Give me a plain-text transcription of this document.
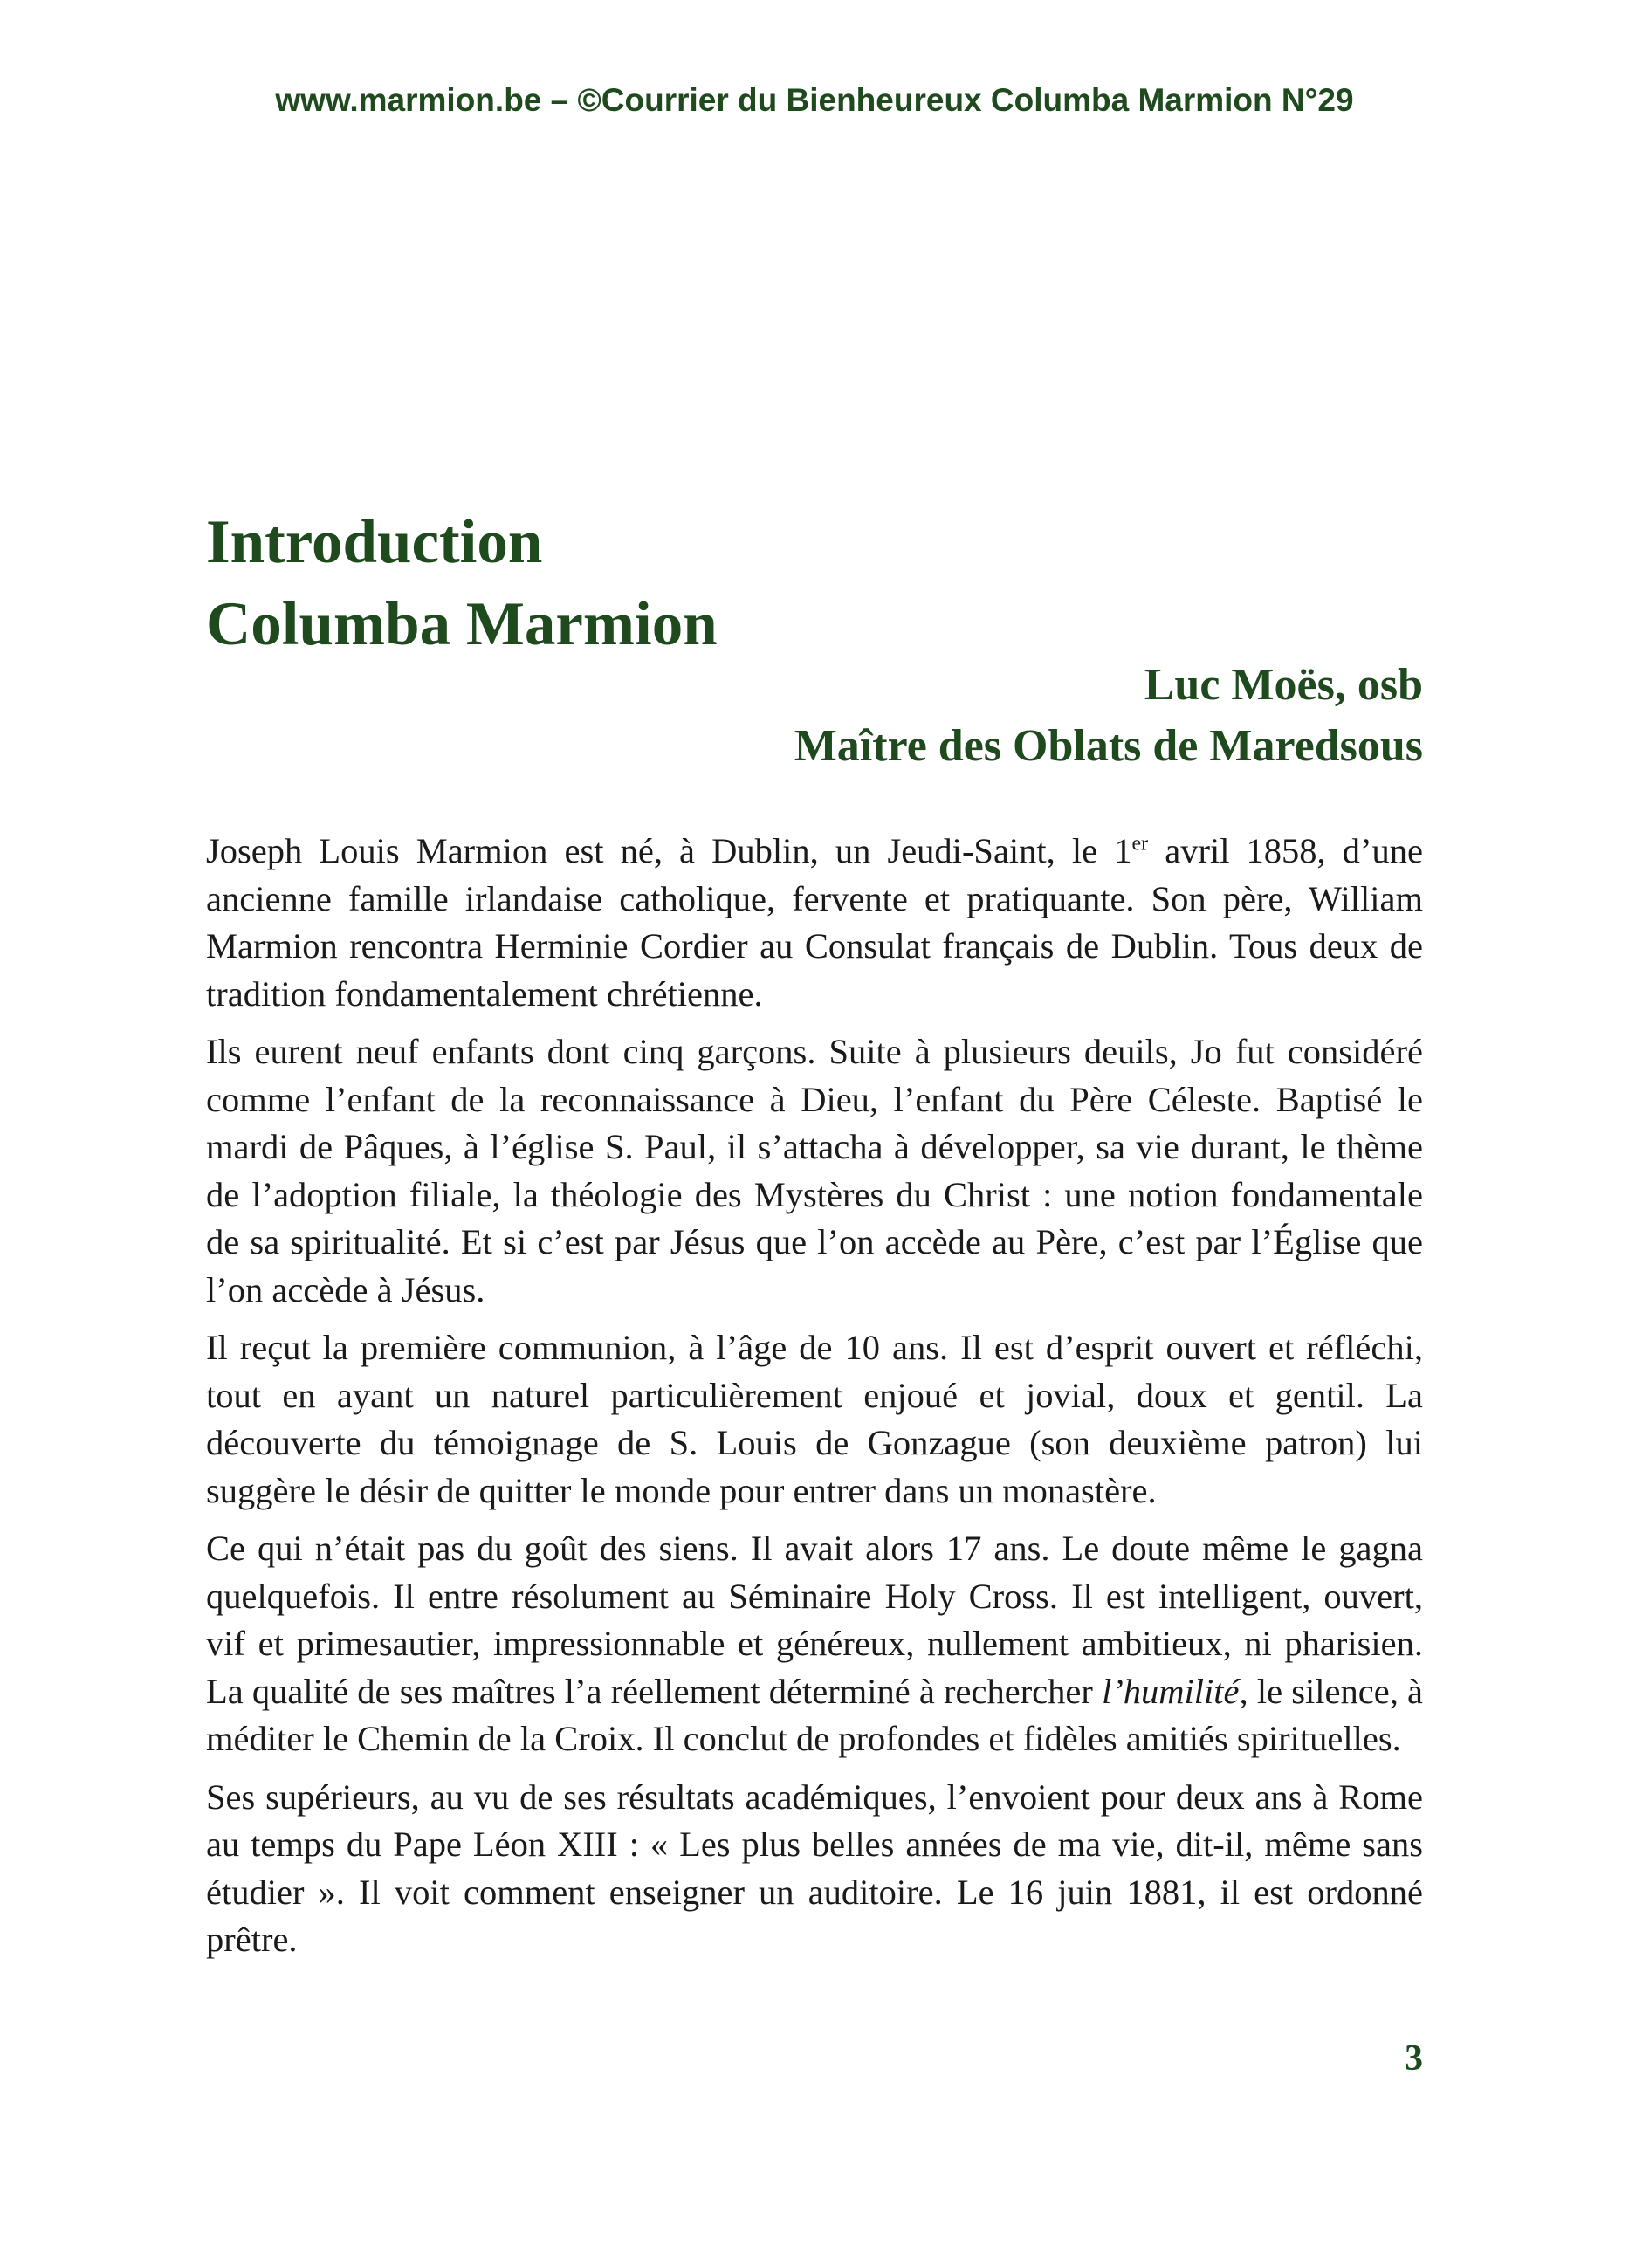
www.marmion.be – ©Courrier du Bienheureux Columba Marmion N°29
Introduction
Columba Marmion
Luc Moës, osb
Maître des Oblats de Maredsous

Joseph Louis Marmion est né, à Dublin, un Jeudi-Saint, le 1er avril 1858, d’une ancienne famille irlandaise catholique, fervente et pratiquante. Son père, William Marmion rencontra Herminie Cordier au Consulat français de Dublin. Tous deux de tradition fondamentalement chrétienne.

Ils eurent neuf enfants dont cinq garçons. Suite à plusieurs deuils, Jo fut considéré comme l’enfant de la reconnaissance à Dieu, l’enfant du Père Céleste. Baptisé le mardi de Pâques, à l’église S. Paul, il s’attacha à développer, sa vie durant, le thème de l’adoption filiale, la théologie des Mystères du Christ : une notion fondamentale de sa spiritualité. Et si c’est par Jésus que l’on accède au Père, c’est par l’Église que l’on accède à Jésus.

Il reçut la première communion, à l’âge de 10 ans. Il est d’esprit ouvert et réfléchi, tout en ayant un naturel particulièrement enjoué et jovial, doux et gentil. La découverte du témoignage de S. Louis de Gonzague (son deuxième patron) lui suggère le désir de quitter le monde pour entrer dans un monastère.

Ce qui n’était pas du goût des siens. Il avait alors 17 ans. Le doute même le gagna quelquefois. Il entre résolument au Séminaire Holy Cross. Il est intelligent, ouvert, vif et primesautier, impressionnable et généreux, nullement ambitieux, ni pharisien. La qualité de ses maîtres l’a réellement déterminé à rechercher l’humilité, le silence, à méditer le Chemin de la Croix. Il conclut de profondes et fidèles amitiés spirituelles.

Ses supérieurs, au vu de ses résultats académiques, l’envoient pour deux ans à Rome au temps du Pape Léon XIII : « Les plus belles années de ma vie, dit-il, même sans étudier ». Il voit comment enseigner un auditoire. Le 16 juin 1881, il est ordonné prêtre.

3
